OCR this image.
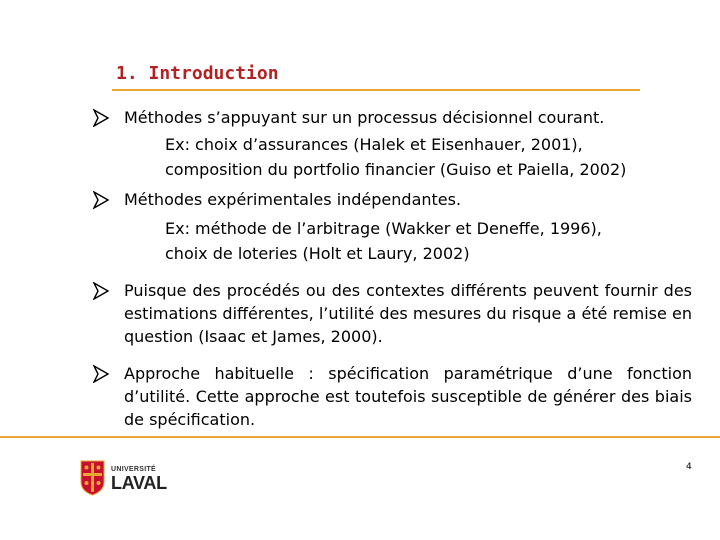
1. Introduction
Méthodes s’appuyant sur un processus décisionnel courant.
Ex: choix d’assurances (Halek et Eisenhauer, 2001),
composition du portfolio financier (Guiso et Paiella, 2002)
Méthodes expérimentales indépendantes.
Ex: méthode de l’arbitrage (Wakker et Deneffe, 1996),
choix de loteries (Holt et Laury, 2002)
Puisque des procédés ou des contextes différents peuvent fournir des estimations différentes, l’utilité des mesures du risque a été remise en question (Isaac et James, 2000).
Approche habituelle : spécification paramétrique d’une fonction d’utilité. Cette approche est toutefois susceptible de générer des biais de spécification.
UNIVERSITÉ
LAVAL
4
